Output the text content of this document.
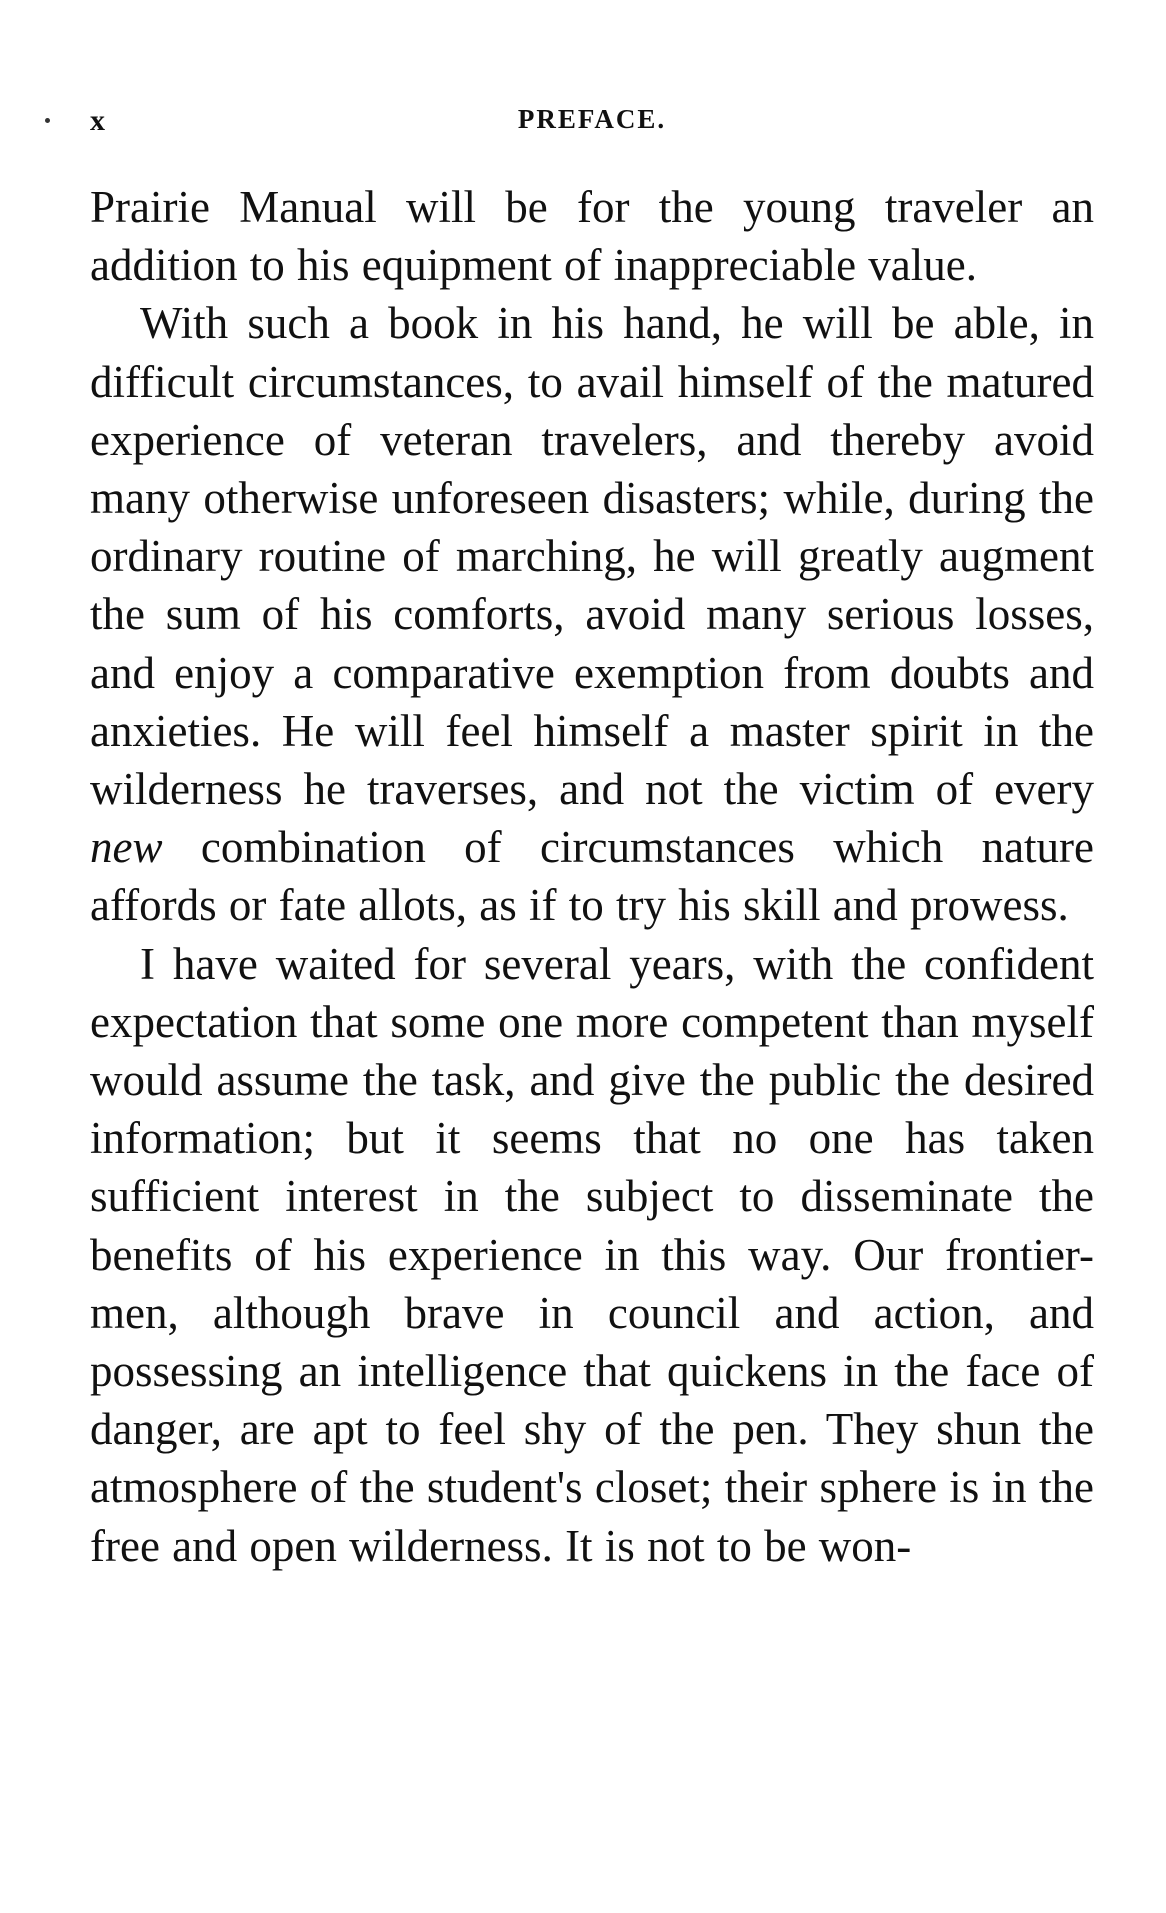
x	PREFACE.

Prairie Manual will be for the young traveler an addition to his equipment of inappreciable value.

With such a book in his hand, he will be able, in difficult circumstances, to avail himself of the matured experience of veteran travelers, and thereby avoid many otherwise unforeseen disasters; while, during the ordinary routine of marching, he will greatly augment the sum of his comforts, avoid many serious losses, and enjoy a comparative exemption from doubts and anxieties. He will feel himself a master spirit in the wilderness he traverses, and not the victim of every new combination of circumstances which nature affords or fate allots, as if to try his skill and prowess.

I have waited for several years, with the confident expectation that some one more competent than myself would assume the task, and give the public the desired information; but it seems that no one has taken sufficient interest in the subject to disseminate the benefits of his experience in this way. Our frontier-men, although brave in council and action, and possessing an intelligence that quickens in the face of danger, are apt to feel shy of the pen. They shun the atmosphere of the student's closet; their sphere is in the free and open wilderness. It is not to be won-
